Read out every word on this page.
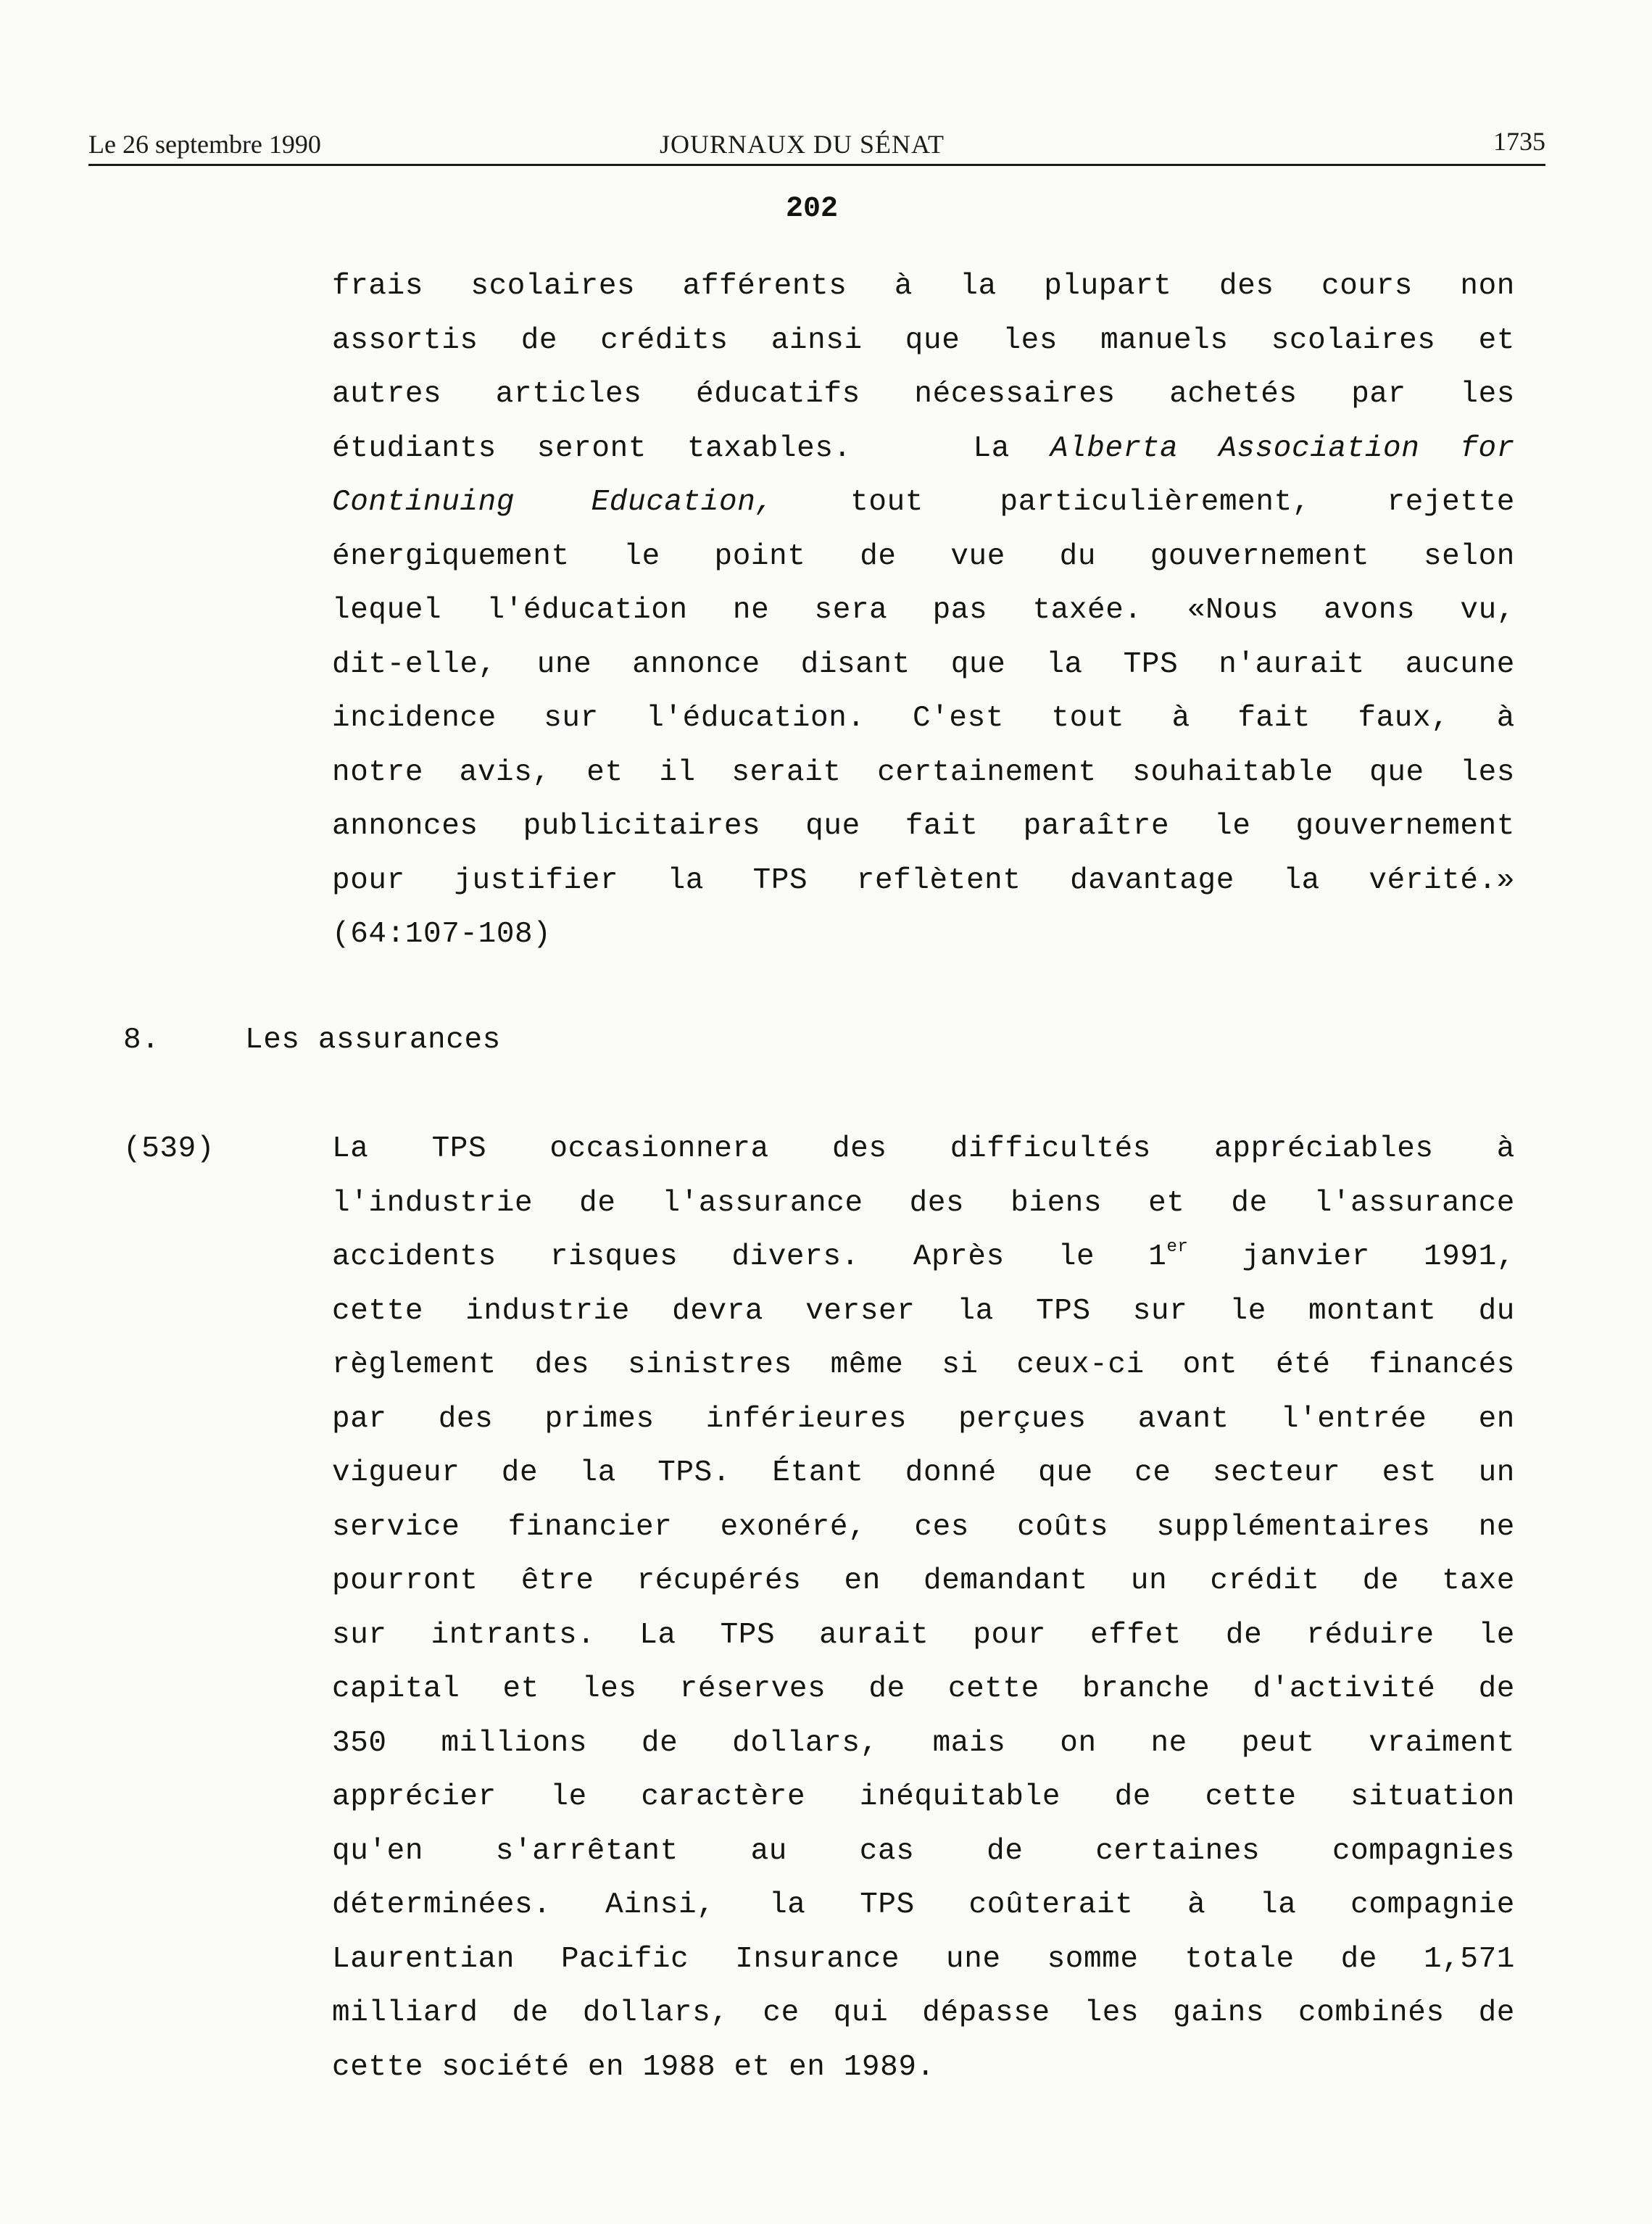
Le 26 septembre 1990	JOURNAUX DU SÉNAT	1735
202
frais scolaires afférents à la plupart des cours non
assortis de crédits ainsi que les manuels scolaires et
autres articles éducatifs nécessaires achetés par les
étudiants seront taxables.	La Alberta Association for
Continuing Education,	tout particulièrement, rejette
énergiquement le point de vue du gouvernement selon
lequel l'éducation ne sera pas taxée. «Nous avons vu,
dit-elle, une annonce disant que la TPS n'aurait aucune
incidence sur l'éducation. C'est tout à fait faux, à
notre avis, et il serait certainement souhaitable que les
annonces publicitaires que fait paraître le gouvernement
pour justifier la TPS reflètent davantage la vérité.»
(64:107-108)
8.	Les assurances
(539)	La TPS occasionnera des difficultés appréciables à
l'industrie de l'assurance des biens et de l'assurance
accidents risques divers. Après le 1er janvier 1991,
cette industrie devra verser la TPS sur le montant du
règlement des sinistres même si ceux-ci ont été financés
par des primes inférieures perçues avant l'entrée en
vigueur de la TPS. Étant donné que ce secteur est un
service financier exonéré, ces coûts supplémentaires ne
pourront être récupérés en demandant un crédit de taxe
sur intrants. La TPS aurait pour effet de réduire le
capital et les réserves de cette branche d'activité de
350 millions de dollars, mais on ne peut vraiment
apprécier le caractère inéquitable de cette situation
qu'en s'arrêtant au cas de certaines compagnies
déterminées. Ainsi, la TPS coûterait à la compagnie
Laurentian Pacific Insurance une somme totale de 1,571
milliard de dollars, ce qui dépasse les gains combinés de
cette société en 1988 et en 1989.
